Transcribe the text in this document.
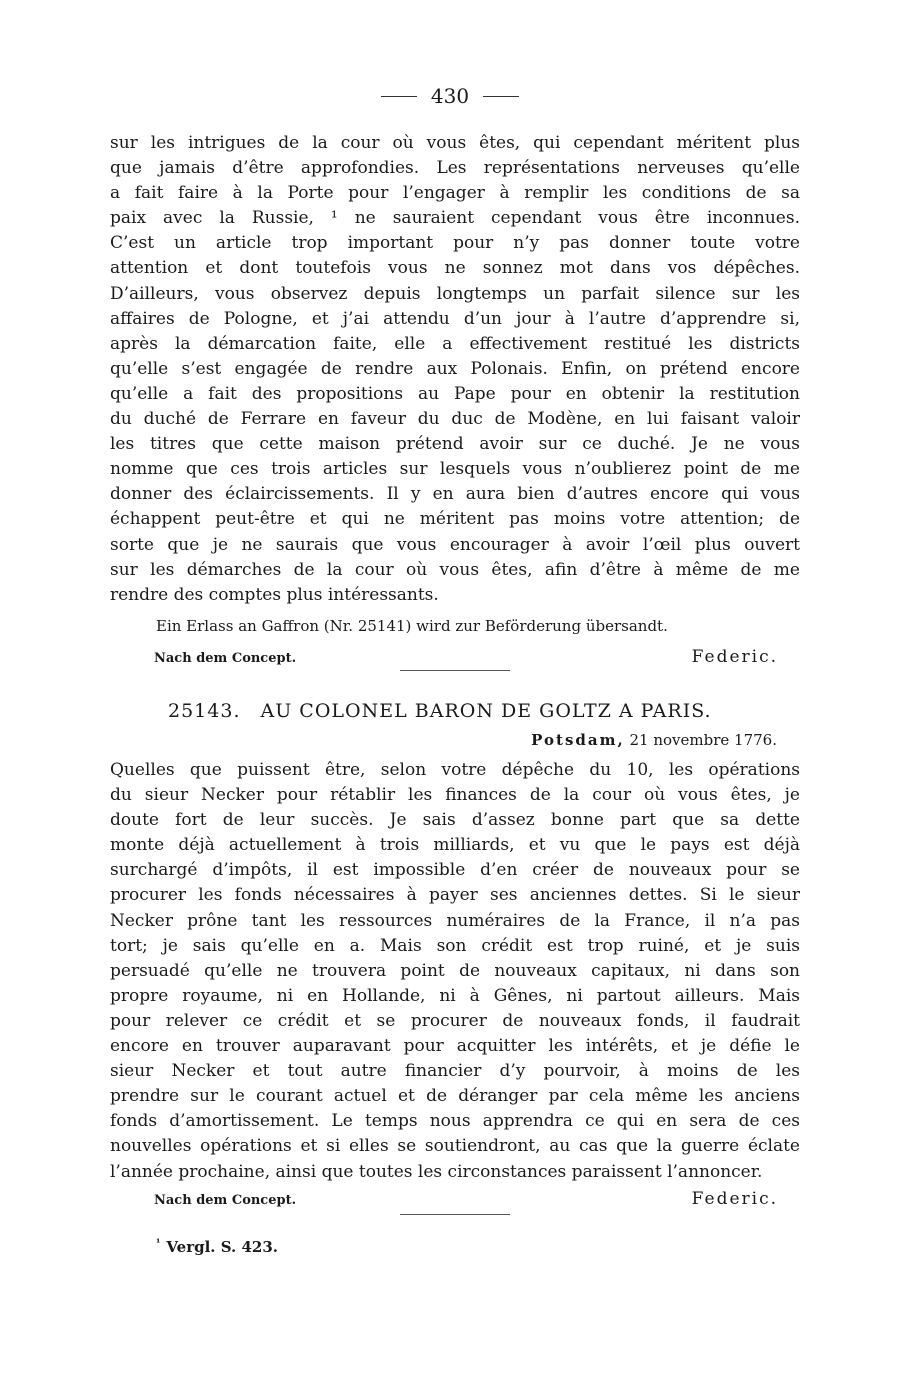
430
sur les intrigues de la cour où vous êtes, qui cependant méritent plus
que jamais d’être approfondies. Les représentations nerveuses qu’elle
a fait faire à la Porte pour l’engager à remplir les conditions de sa
paix avec la Russie, ¹ ne sauraient cependant vous être inconnues.
C’est un article trop important pour n’y pas donner toute votre
attention et dont toutefois vous ne sonnez mot dans vos dépêches.
D’ailleurs, vous observez depuis longtemps un parfait silence sur les
affaires de Pologne, et j’ai attendu d’un jour à l’autre d’apprendre si,
après la démarcation faite, elle a effectivement restitué les districts
qu’elle s’est engagée de rendre aux Polonais. Enfin, on prétend encore
qu’elle a fait des propositions au Pape pour en obtenir la restitution
du duché de Ferrare en faveur du duc de Modène, en lui faisant valoir
les titres que cette maison prétend avoir sur ce duché. Je ne vous
nomme que ces trois articles sur lesquels vous n’oublierez point de me
donner des éclaircissements. Il y en aura bien d’autres encore qui vous
échappent peut-être et qui ne méritent pas moins votre attention; de
sorte que je ne saurais que vous encourager à avoir l’œil plus ouvert
sur les démarches de la cour où vous êtes, afin d’être à même de me
rendre des comptes plus intéressants.
Ein Erlass an Gaffron (Nr. 25141) wird zur Beförderung übersandt.
Nach dem Concept.	Federic.
25143. AU COLONEL BARON DE GOLTZ A PARIS.
Potsdam, 21 novembre 1776.
Quelles que puissent être, selon votre dépêche du 10, les opérations
du sieur Necker pour rétablir les finances de la cour où vous êtes, je
doute fort de leur succès. Je sais d’assez bonne part que sa dette
monte déjà actuellement à trois milliards, et vu que le pays est déjà
surchargé d’impôts, il est impossible d’en créer de nouveaux pour se
procurer les fonds nécessaires à payer ses anciennes dettes. Si le sieur
Necker prône tant les ressources numéraires de la France, il n’a pas
tort; je sais qu’elle en a. Mais son crédit est trop ruiné, et je suis
persuadé qu’elle ne trouvera point de nouveaux capitaux, ni dans son
propre royaume, ni en Hollande, ni à Gênes, ni partout ailleurs. Mais
pour relever ce crédit et se procurer de nouveaux fonds, il faudrait
encore en trouver auparavant pour acquitter les intérêts, et je défie le
sieur Necker et tout autre financier d’y pourvoir, à moins de les
prendre sur le courant actuel et de déranger par cela même les anciens
fonds d’amortissement. Le temps nous apprendra ce qui en sera de ces
nouvelles opérations et si elles se soutiendront, au cas que la guerre éclate
l’année prochaine, ainsi que toutes les circonstances paraissent l’annoncer.
Nach dem Concept.	Federic.
$^{^1}$ Vergl. S. 423.
